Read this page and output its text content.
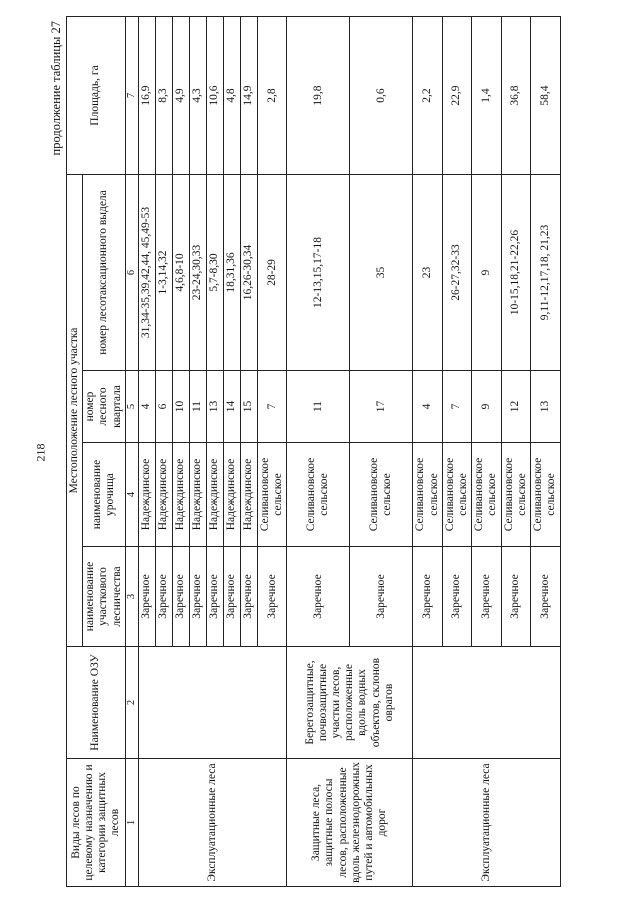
218
продолжение таблицы 27
Виды лесов по целевому назначению и категории защитных лесов	Наименование ОЗУ	Местоположение лесного участка				Площадь, га
		наименование участкового лесничества	наименование урочища	номер лесного квартала	номер лесотаксационного выдела	
1	2	3	4	5	6	7
Эксплуатационные леса		Заречное	Надеждинское	4	31,34-35,39,42,44, 45,49-53	16,9
		Заречное	Надеждинское	6	1-3,14,32	8,3
		Заречное	Надеждинское	10	4,6,8-10	4,9
		Заречное	Надеждинское	11	23-24,30,33	4,3
		Заречное	Надеждинское	13	5,7-8,30	10,6
		Заречное	Надеждинское	14	18,31,36	4,8
		Заречное	Надеждинское	15	16,26-30,34	14,9
		Заречное	Селивановское сельское	7	28-29	2,8
Защитные леса, защитные полосы лесов, расположенные вдоль железнодорожных путей и автомобильных дорог	Берегозащитные, почвозащитные участки лесов, расположенные вдоль водных объектов, склонов оврагов	Заречное	Селивановское сельское	11	12-13,15,17-18	19,8
		Заречное	Селивановское сельское	17	35	0,6
Эксплуатационные леса		Заречное	Селивановское сельское	4	23	2,2
		Заречное	Селивановское сельское	7	26-27,32-33	22,9
		Заречное	Селивановское сельское	9	9	1,4
		Заречное	Селивановское сельское	12	10-15,18,21-22,26	36,8
		Заречное	Селивановское сельское	13	9,11-12,17,18, 21,23	58,4
